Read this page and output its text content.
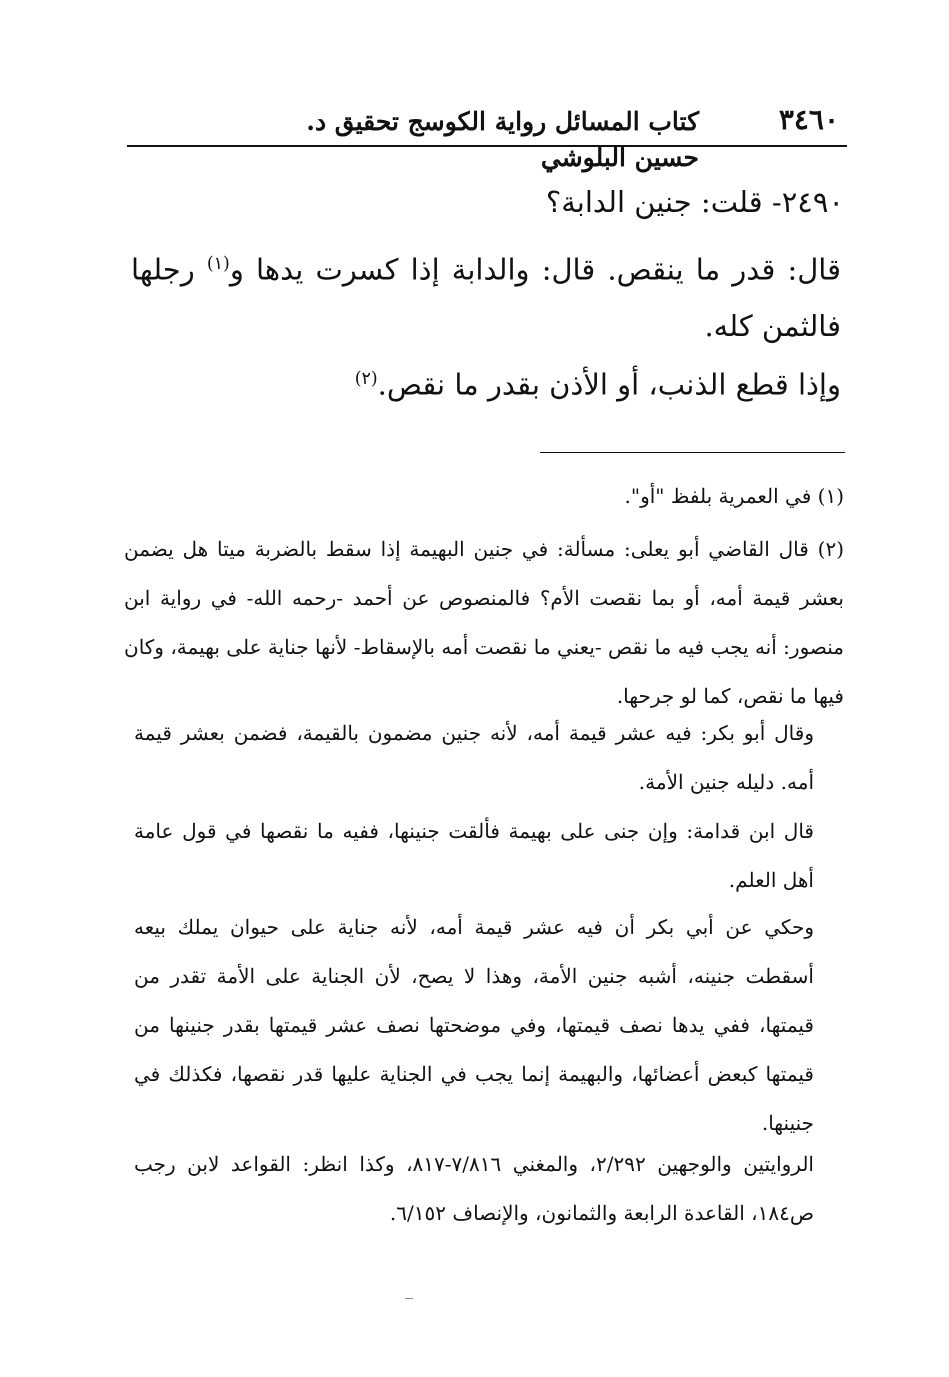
٣٤٦٠
كتاب المسائل رواية الكوسج تحقيق د. حسين البلوشي
٢٤٩٠- قلت: جنين الدابة؟
قال: قدر ما ينقص. قال: والدابة إذا كسرت يدها و$^{(١)}$ رجلها فالثمن كله.
وإذا قطع الذنب، أو الأذن بقدر ما نقص.$^{(٢)}$
(١) في العمرية بلفظ "أو".
(٢) قال القاضي أبو يعلى: مسألة: في جنين البهيمة إذا سقط بالضربة ميتا هل يضمن بعشر قيمة أمه، أو بما نقصت الأم؟ فالمنصوص عن أحمد -رحمه الله- في رواية ابن منصور: أنه يجب فيه ما نقص -يعني ما نقصت أمه بالإسقاط- لأنها جناية على بهيمة، وكان فيها ما نقص، كما لو جرحها.
وقال أبو بكر: فيه عشر قيمة أمه، لأنه جنين مضمون بالقيمة، فضمن بعشر قيمة أمه. دليله جنين الأمة.
قال ابن قدامة: وإن جنى على بهيمة فألقت جنينها، ففيه ما نقصها في قول عامة أهل العلم.
وحكي عن أبي بكر أن فيه عشر قيمة أمه، لأنه جناية على حيوان يملك بيعه أسقطت جنينه، أشبه جنين الأمة، وهذا لا يصح، لأن الجناية على الأمة تقدر من قيمتها، ففي يدها نصف قيمتها، وفي موضحتها نصف عشر قيمتها بقدر جنينها من قيمتها كبعض أعضائها، والبهيمة إنما يجب في الجناية عليها قدر نقصها، فكذلك في جنينها.
الروايتين والوجهين ٢/٢٩٢، والمغني ٧/٨١٦-٨١٧، وكذا انظر: القواعد لابن رجب ص١٨٤، القاعدة الرابعة والثمانون، والإنصاف ٦/١٥٢.
